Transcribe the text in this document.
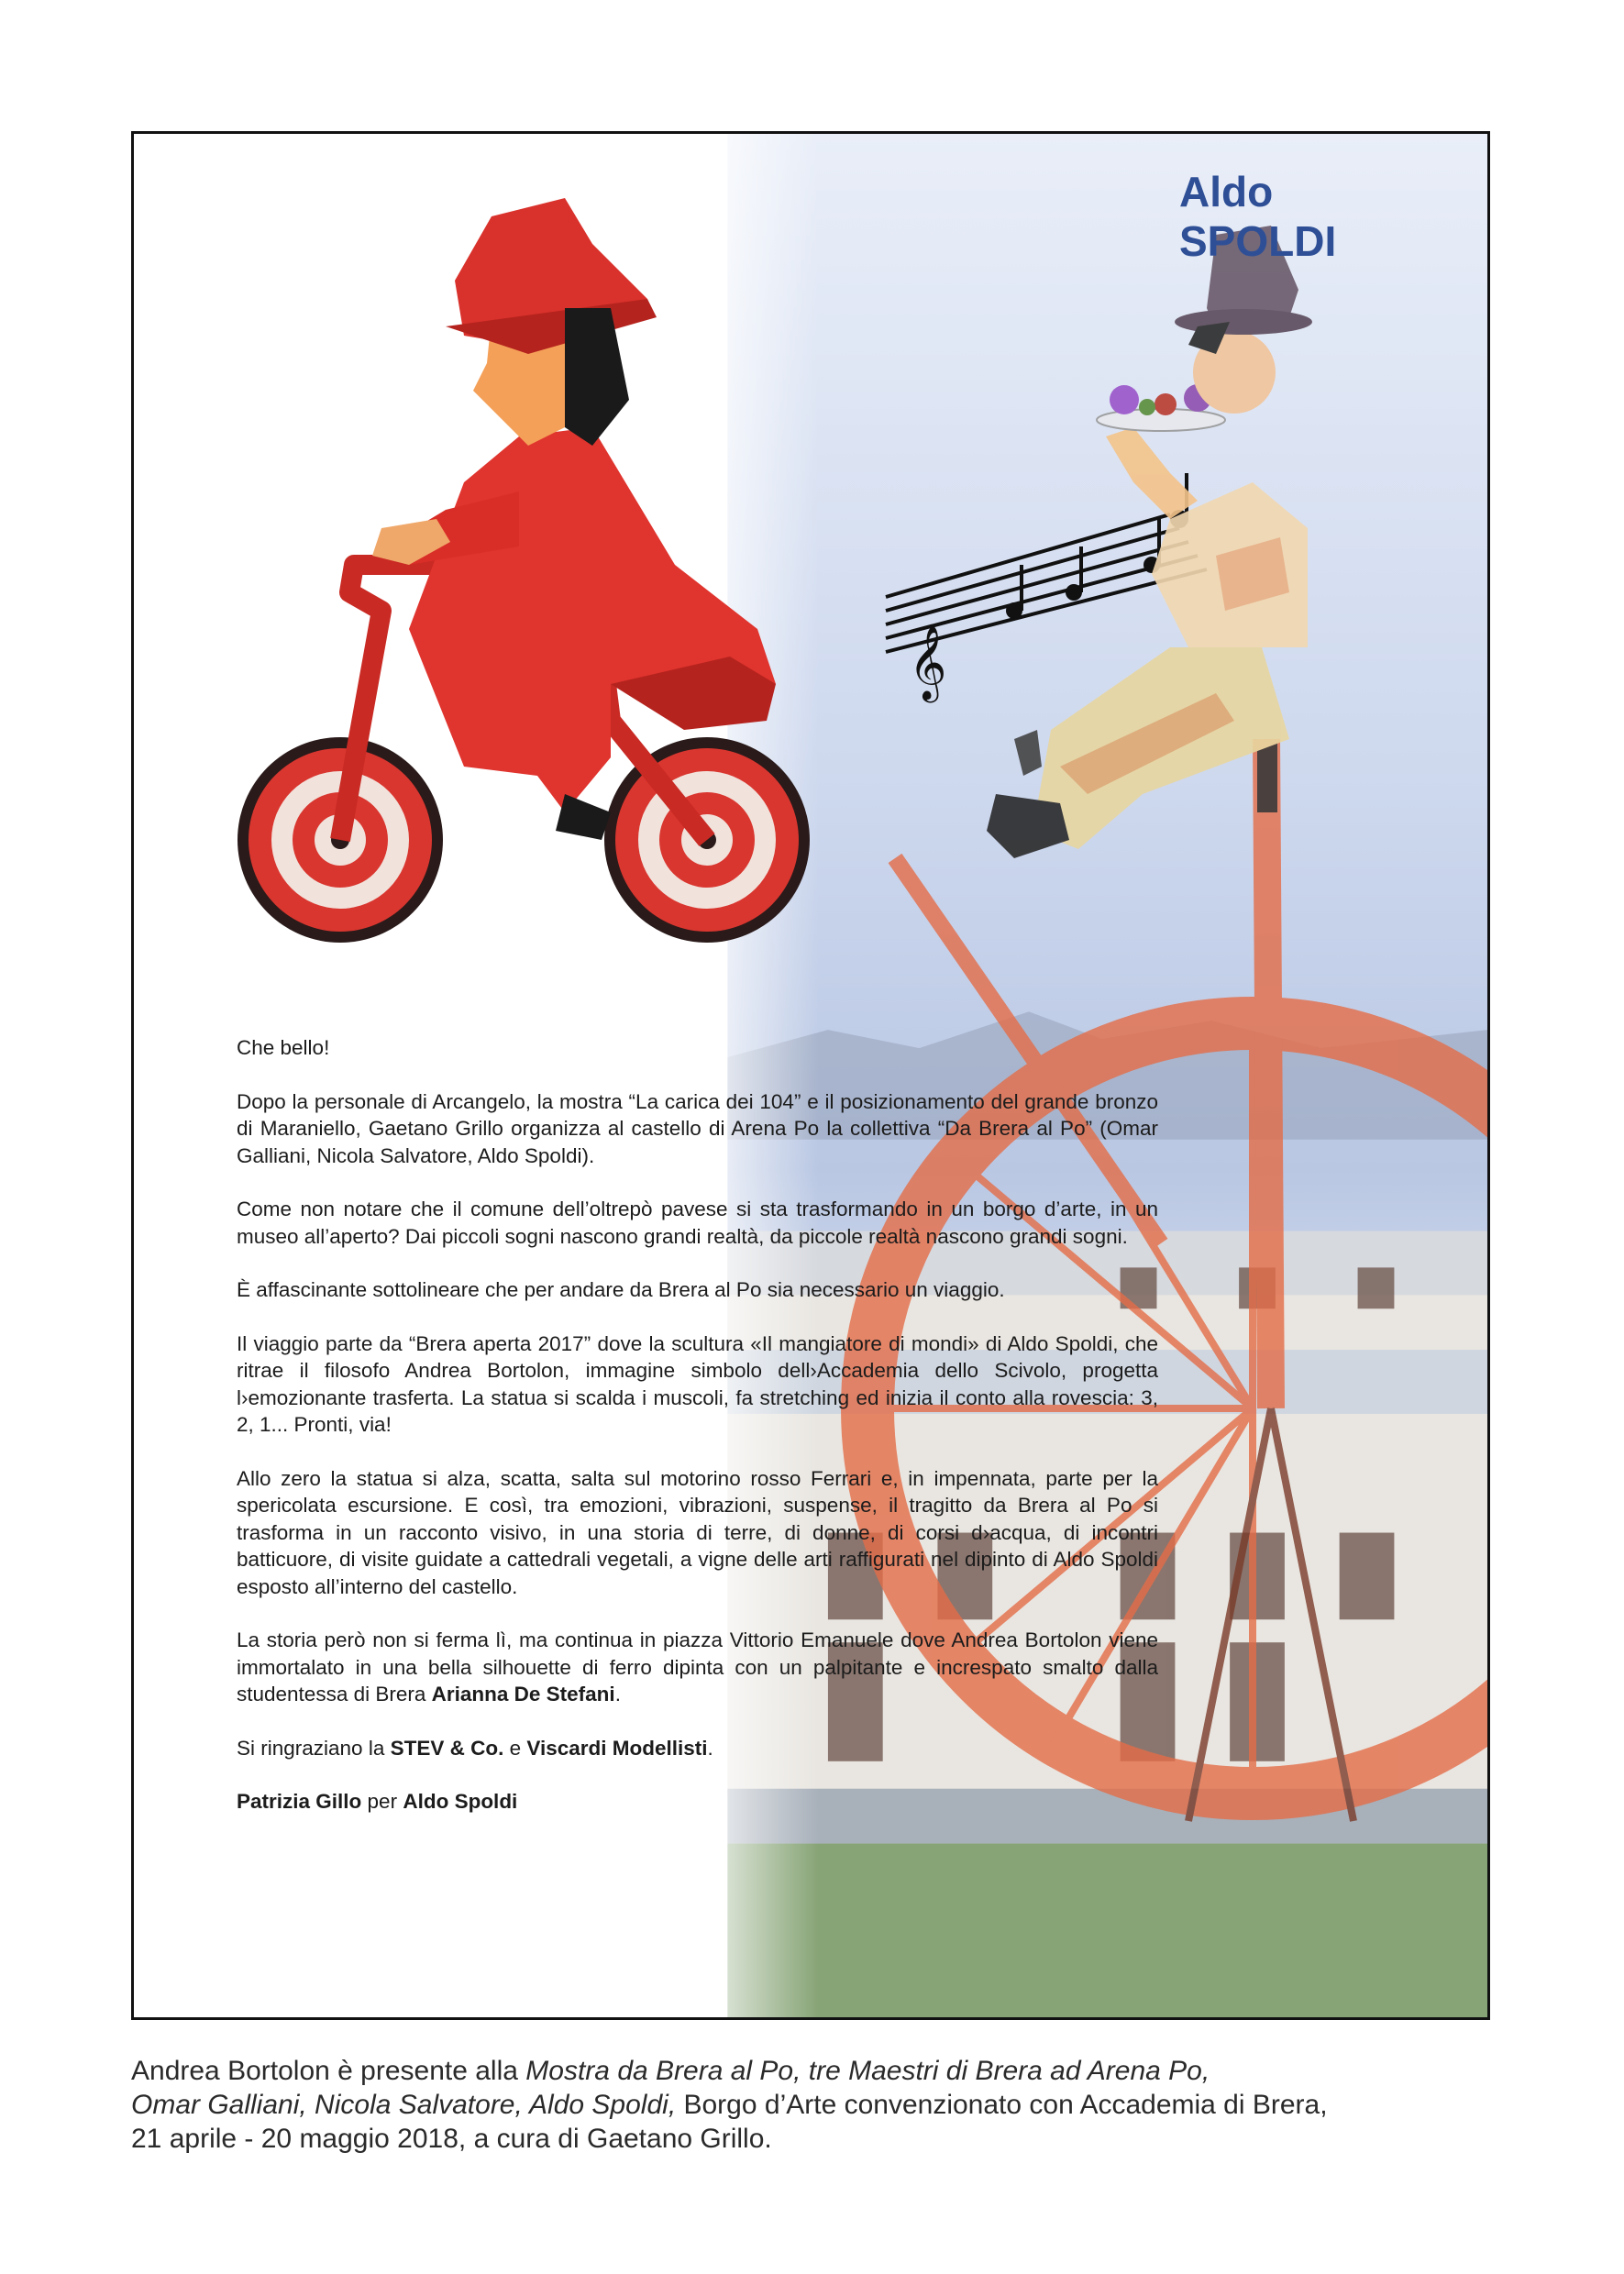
𝄞
Aldo
SPOLDI

Che bello!

Dopo la personale di Arcangelo, la mostra “La carica dei 104” e il posizionamento del grande bronzo di Maraniello, Gaetano Grillo organizza al castello di Arena Po la collettiva “Da Brera al Po” (Omar Galliani, Nicola Salvatore, Aldo Spoldi).

Come non notare che il comune dell’oltrepò pavese si sta trasformando in un borgo d’arte, in un museo all’aperto? Dai piccoli sogni nascono grandi realtà, da piccole realtà nascono grandi sogni.

È affascinante sottolineare che per andare da Brera al Po sia necessario un viaggio.

Il viaggio parte da “Brera aperta 2017” dove la scultura «Il mangiatore di mondi» di Aldo Spoldi, che ritrae il filosofo Andrea Bortolon, immagine simbolo dell›Accademia dello Scivolo, progetta l›emozionante trasferta. La statua si scalda i muscoli, fa stretching ed inizia il conto alla rovescia: 3, 2, 1... Pronti, via!

Allo zero la statua si alza, scatta, salta sul motorino rosso Ferrari e, in impennata, parte per la spericolata escursione. E così, tra emozioni, vibrazioni, suspense, il tragitto da Brera al Po si trasforma in un racconto visivo, in una storia di terre, di donne, di corsi d›acqua, di incontri batticuore, di visite guidate a cattedrali vegetali, a vigne delle arti raffigurati nel dipinto di Aldo Spoldi esposto all’interno del castello.

La storia però non si ferma lì, ma continua in piazza Vittorio Emanuele dove Andrea Bortolon viene immortalato in una bella silhouette di ferro dipinta con un palpitante e increspato smalto dalla studentessa di Brera Arianna De Stefani.

Si ringraziano la STEV & Co. e Viscardi Modellisti.

Patrizia Gillo per Aldo Spoldi

Andrea Bortolon è presente alla Mostra da Brera al Po, tre Maestri di Brera ad Arena Po,
Omar Galliani, Nicola Salvatore, Aldo Spoldi, Borgo d’Arte convenzionato con Accademia di Brera,
21 aprile - 20 maggio 2018, a cura di Gaetano Grillo.
